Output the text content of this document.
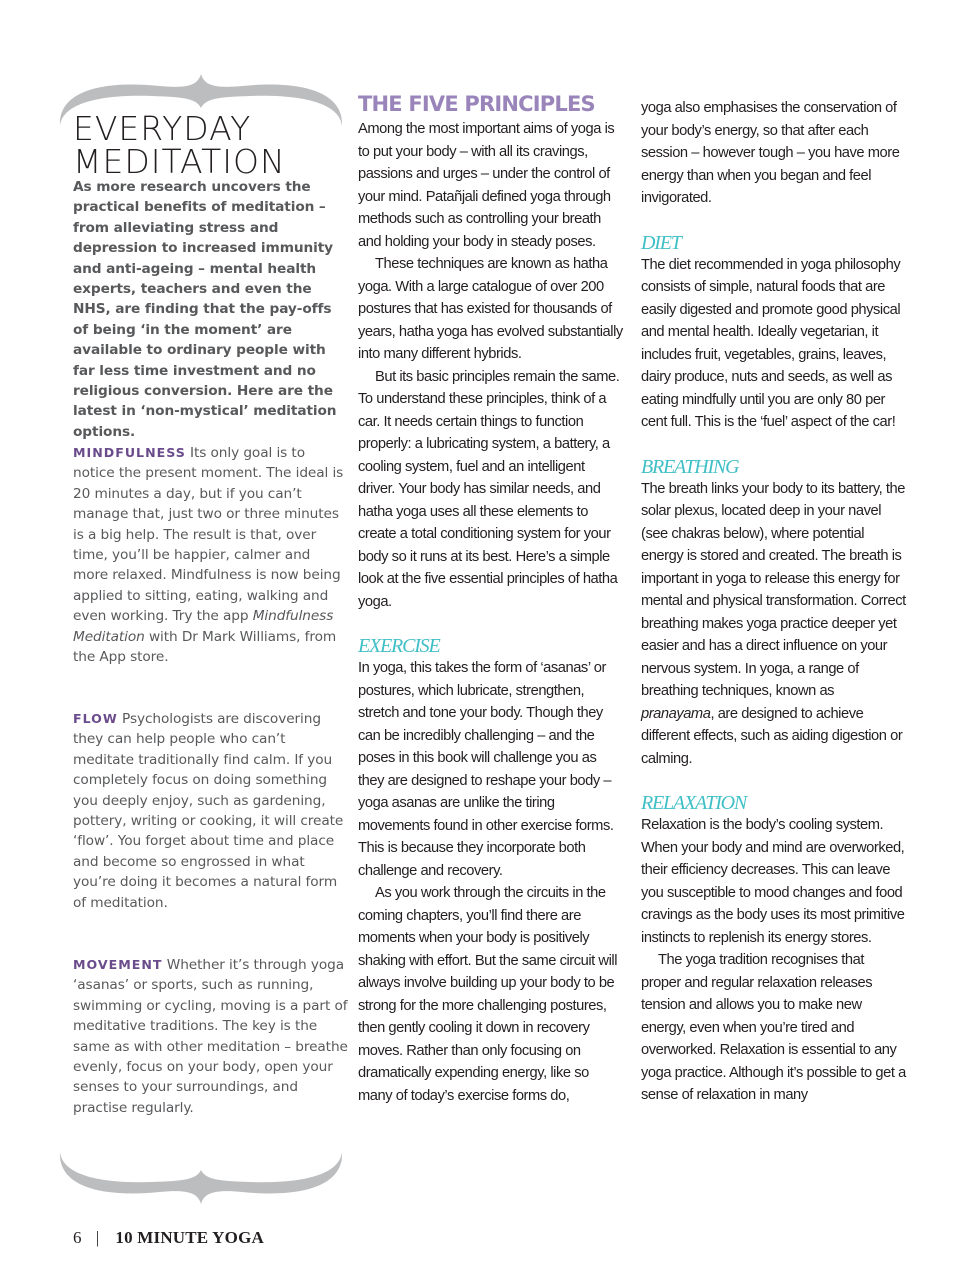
EVERYDAY
MEDITATION

As more research uncovers the practical benefits of meditation – from alleviating stress and depression to increased immunity and anti-ageing – mental health experts, teachers and even the NHS, are finding that the pay-offs of being ‘in the moment’ are available to ordinary people with far less time investment and no religious conversion. Here are the latest in ‘non-mystical’ meditation options.

MINDFULNESS Its only goal is to notice the present moment. The ideal is 20 minutes a day, but if you can’t manage that, just two or three minutes is a big help. The result is that, over time, you’ll be happier, calmer and more relaxed. Mindfulness is now being applied to sitting, eating, walking and even working. Try the app Mindfulness Meditation with Dr Mark Williams, from the App store.

FLOW Psychologists are discovering they can help people who can’t meditate traditionally find calm. If you completely focus on doing something you deeply enjoy, such as gardening, pottery, writing or cooking, it will create ‘flow’. You forget about time and place and become so engrossed in what you’re doing it becomes a natural form of meditation.

MOVEMENT Whether it’s through yoga ‘asanas’ or sports, such as running, swimming or cycling, moving is a part of meditative traditions. The key is the same as with other meditation – breathe evenly, focus on your body, open your senses to your surroundings, and practise regularly.

THE FIVE PRINCIPLES

Among the most important aims of yoga is to put your body – with all its cravings, passions and urges – under the control of your mind. Patañjali defined yoga through methods such as controlling your breath and holding your body in steady poses.

These techniques are known as hatha yoga. With a large catalogue of over 200 postures that has existed for thousands of years, hatha yoga has evolved substantially into many different hybrids.

But its basic principles remain the same. To understand these principles, think of a car. It needs certain things to function properly: a lubricating system, a battery, a cooling system, fuel and an intelligent driver. Your body has similar needs, and hatha yoga uses all these elements to create a total conditioning system for your body so it runs at its best. Here’s a simple look at the five essential principles of hatha yoga.

EXERCISE

In yoga, this takes the form of ‘asanas’ or postures, which lubricate, strengthen, stretch and tone your body. Though they can be incredibly challenging – and the poses in this book will challenge you as they are designed to reshape your body – yoga asanas are unlike the tiring movements found in other exercise forms. This is because they incorporate both challenge and recovery.

As you work through the circuits in the coming chapters, you’ll find there are moments when your body is positively shaking with effort. But the same circuit will always involve building up your body to be strong for the more challenging postures, then gently cooling it down in recovery moves. Rather than only focusing on dramatically expending energy, like so many of today’s exercise forms do,

yoga also emphasises the conservation of your body’s energy, so that after each session – however tough – you have more energy than when you began and feel invigorated.

DIET

The diet recommended in yoga philosophy consists of simple, natural foods that are easily digested and promote good physical and mental health. Ideally vegetarian, it includes fruit, vegetables, grains, leaves, dairy produce, nuts and seeds, as well as eating mindfully until you are only 80 per cent full. This is the ‘fuel’ aspect of the car!

BREATHING

The breath links your body to its battery, the solar plexus, located deep in your navel (see chakras below), where potential energy is stored and created. The breath is important in yoga to release this energy for mental and physical transformation. Correct breathing makes yoga practice deeper yet easier and has a direct influence on your nervous system. In yoga, a range of breathing techniques, known as pranayama, are designed to achieve different effects, such as aiding digestion or calming.

RELAXATION

Relaxation is the body’s cooling system. When your body and mind are overworked, their efficiency decreases. This can leave you susceptible to mood changes and food cravings as the body uses its most primitive instincts to replenish its energy stores.

The yoga tradition recognises that proper and regular relaxation releases tension and allows you to make new energy, even when you’re tired and overworked. Relaxation is essential to any yoga practice. Although it’s possible to get a sense of relaxation in many

6 | 10 MINUTE YOGA
